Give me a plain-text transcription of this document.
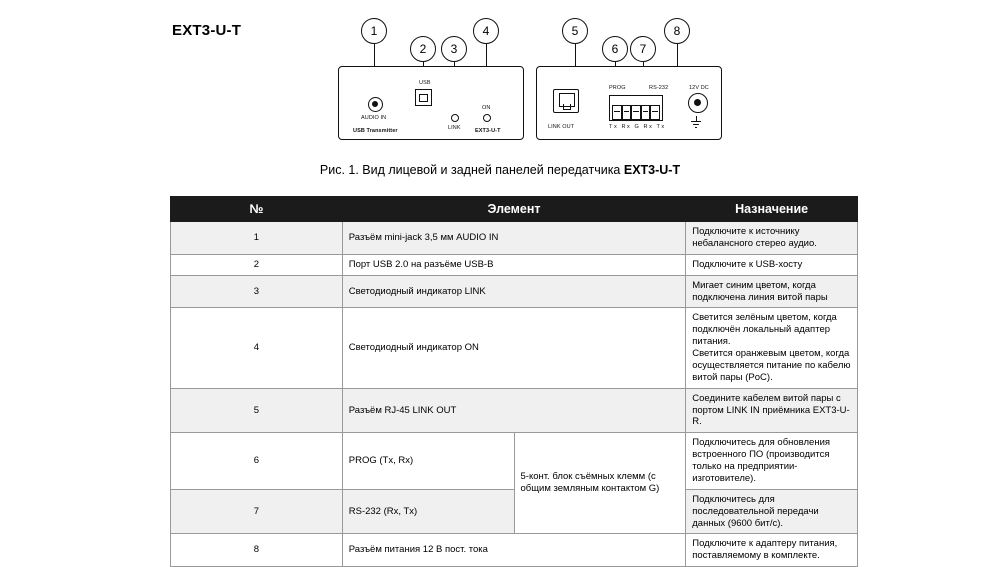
EXT3-U-T	1
2	3
4	5
6	7
8
AUDIO IN
USB
LINK
ON
USB Transmitter	EXT3-U-T
LINK OUT
PROG	RS-232
Tx Rx G Rx Tx
12V DC
Рис. 1. Вид лицевой и задней панелей передатчика EXT3-U-T
№	Элемент		Назначение
1	Разъём mini-jack 3,5 мм AUDIO IN		Подключите к источнику небалансного стерео аудио.
2	Порт USB 2.0 на разъёме USB-B		Подключите к USB-хосту
3	Светодиодный индикатор LINK		Мигает синим цветом, когда подключена линия витой пары
4	Светодиодный индикатор ON		Светится зелёным цветом, когда подключён локальный адаптер питания.
Светится оранжевым цветом, когда осуществляется питание по кабелю витой пары (PoC).

5	Разъём RJ-45 LINK OUT		Соедините кабелем витой пары с портом LINK IN приёмника EXT3-U-R.
6	PROG (Tx, Rx)	5-конт. блок съёмных клемм (с общим земляным контактом G)	Подключитесь для обновления встроенного ПО (производится только на предприятии-изготовителе).
7	RS-232 (Rx, Tx)		Подключитесь для последовательной передачи данных (9600 бит/с).
8	Разъём питания 12 В пост. тока		Подключите к адаптеру питания, поставляемому в комплекте.
